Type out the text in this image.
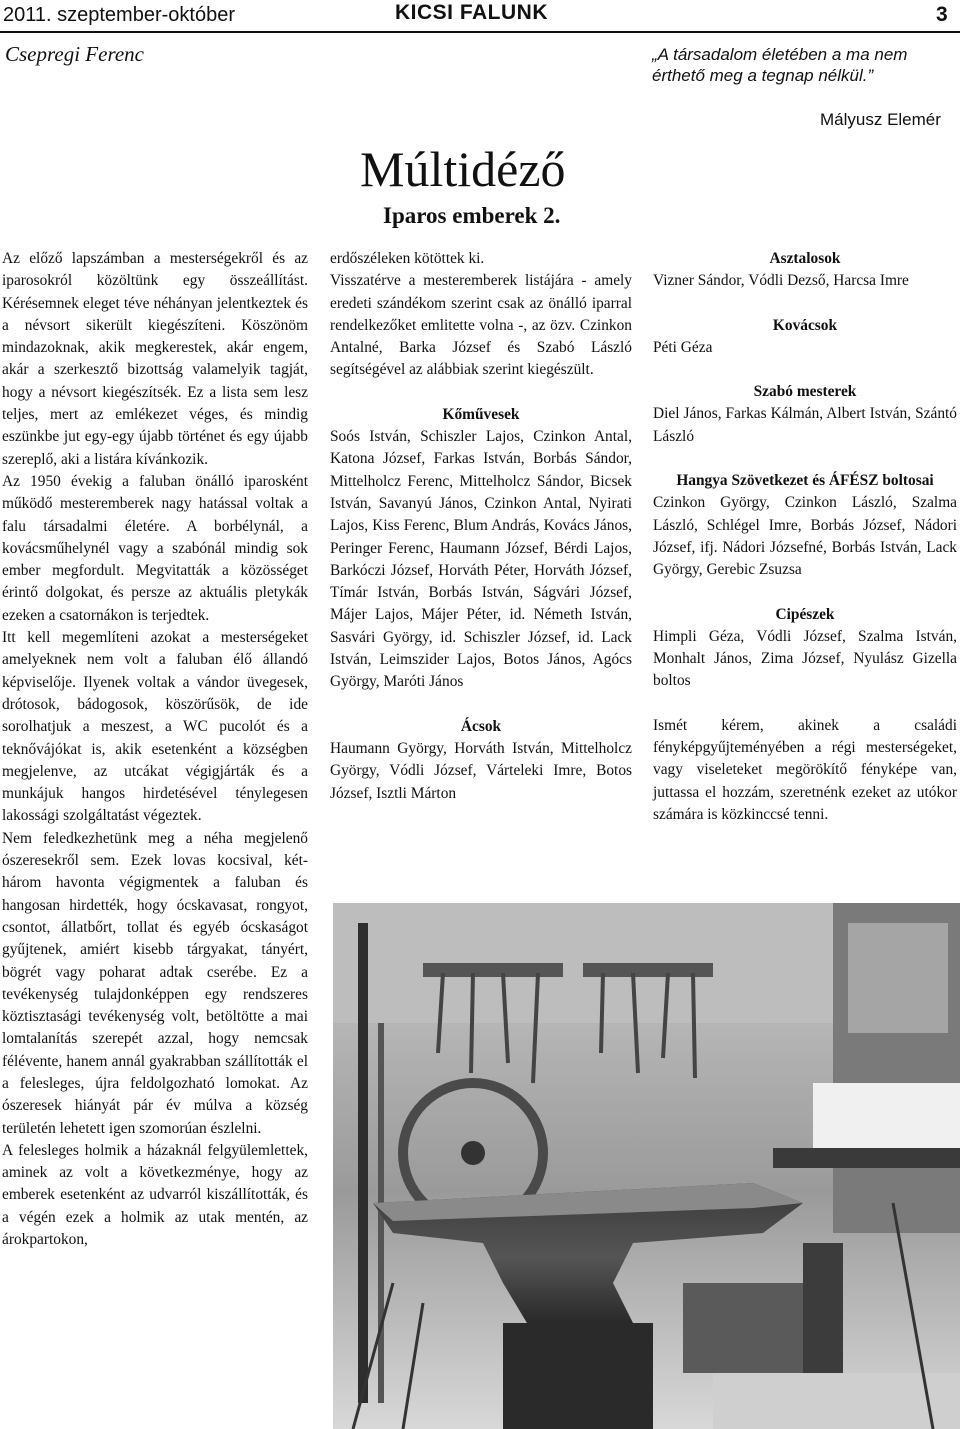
2011. szeptember-október	KICSI FALUNK	3
Csepregi Ferenc	„A társadalom életében a ma nem érthető meg a tegnap nélkül.”
Mályusz Elemér
Múltidéző
Iparos emberek 2.

Az előző lapszámban a mesterségekről és az iparosokról közöltünk egy összeállítást. Kérésemnek eleget téve néhányan jelentkeztek és a névsort sikerült kiegészíteni. Köszönöm mindazoknak, akik megkerestek, akár engem, akár a szerkesztő bizottság valamelyik tagját, hogy a névsort kiegészítsék. Ez a lista sem lesz teljes, mert az emlékezet véges, és mindig eszünkbe jut egy-egy újabb történet és egy újabb szereplő, aki a listára kívánkozik.

Az 1950 évekig a faluban önálló iparosként működő mesteremberek nagy hatással voltak a falu társadalmi életére. A borbélynál, a kovácsműhelynél vagy a szabónál mindig sok ember megfordult. Megvitatták a közösséget érintő dolgokat, és persze az aktuális pletykák ezeken a csatornákon is terjedtek.

Itt kell megemlíteni azokat a mesterségeket amelyeknek nem volt a faluban élő állandó képviselője. Ilyenek voltak a vándor üvegesek, drótosok, bádogosok, köszörűsök, de ide sorolhatjuk a meszest, a WC pucolót és a teknővájókat is, akik esetenként a községben megjelenve, az utcákat végigjárták és a munkájuk hangos hirdetésével ténylegesen lakossági szolgáltatást végeztek.

Nem feledkezhetünk meg a néha megjelenő ószeresekről sem. Ezek lovas kocsival, két-három havonta végigmentek a faluban és hangosan hirdették, hogy ócskavasat, rongyot, csontot, állatbőrt, tollat és egyéb ócskaságot gyűjtenek, amiért kisebb tárgyakat, tányért, bögrét vagy poharat adtak cserébe. Ez a tevékenység tulajdonképpen egy rendszeres köztisztasági tevékenység volt, betöltötte a mai lomtalanítás szerepét azzal, hogy nemcsak félévente, hanem annál gyakrabban szállították el a felesleges, újra feldolgozható lomokat. Az ószeresek hiányát pár év múlva a község területén lehetett igen szomorúan észlelni.

A felesleges holmik a házaknál felgyülemlettek, aminek az volt a következménye, hogy az emberek esetenként az udvarról kiszállították, és a végén ezek a holmik az utak mentén, az árokpartokon,

erdőszéleken kötöttek ki.

Visszatérve a mesteremberek listájára - amely eredeti szándékom szerint csak az önálló iparral rendelkezőket emlitette volna -, az özv. Czinkon Antalné, Barka József és Szabó László segítségével az alábbiak szerint kiegészült.

Kőművesek

Soós István, Schiszler Lajos, Czinkon Antal, Katona József, Farkas István, Borbás Sándor, Mittelholcz Ferenc, Mittelholcz Sándor, Bicsek István, Savanyú János, Czinkon Antal, Nyirati Lajos, Kiss Ferenc, Blum András, Kovács János, Peringer Ferenc, Haumann József, Bérdi Lajos, Barkóczi József, Horváth Péter, Horváth József, Tímár István, Borbás István, Ságvári József, Májer Lajos, Májer Péter, id. Németh István, Sasvári György, id. Schiszler József, id. Lack István, Leimszider Lajos, Botos János, Agócs György, Maróti János

Ácsok

Haumann György, Horváth István, Mittelholcz György, Vódli József, Várteleki Imre, Botos József, Isztli Márton

Asztalosok

Vizner Sándor, Vódli Dezső, Harcsa Imre

Kovácsok

Péti Géza

Szabó mesterek

Diel János, Farkas Kálmán, Albert István, Szántó László

Hangya Szövetkezet és ÁFÉSZ boltosai

Czinkon György, Czinkon László, Szalma László, Schlégel Imre, Borbás József, Nádori József, ifj. Nádori Józsefné, Borbás István, Lack György, Gerebic Zsuzsa

Cipészek

Himpli Géza, Vódli József, Szalma István, Monhalt János, Zima József, Nyulász Gizella boltos

Ismét kérem, akinek a családi fényképgyűjteményében a régi mesterségeket, vagy viseleteket megörökítő fényképe van, juttassa el hozzám, szeretnénk ezeket az utókor számára is közkinccsé tenni.
